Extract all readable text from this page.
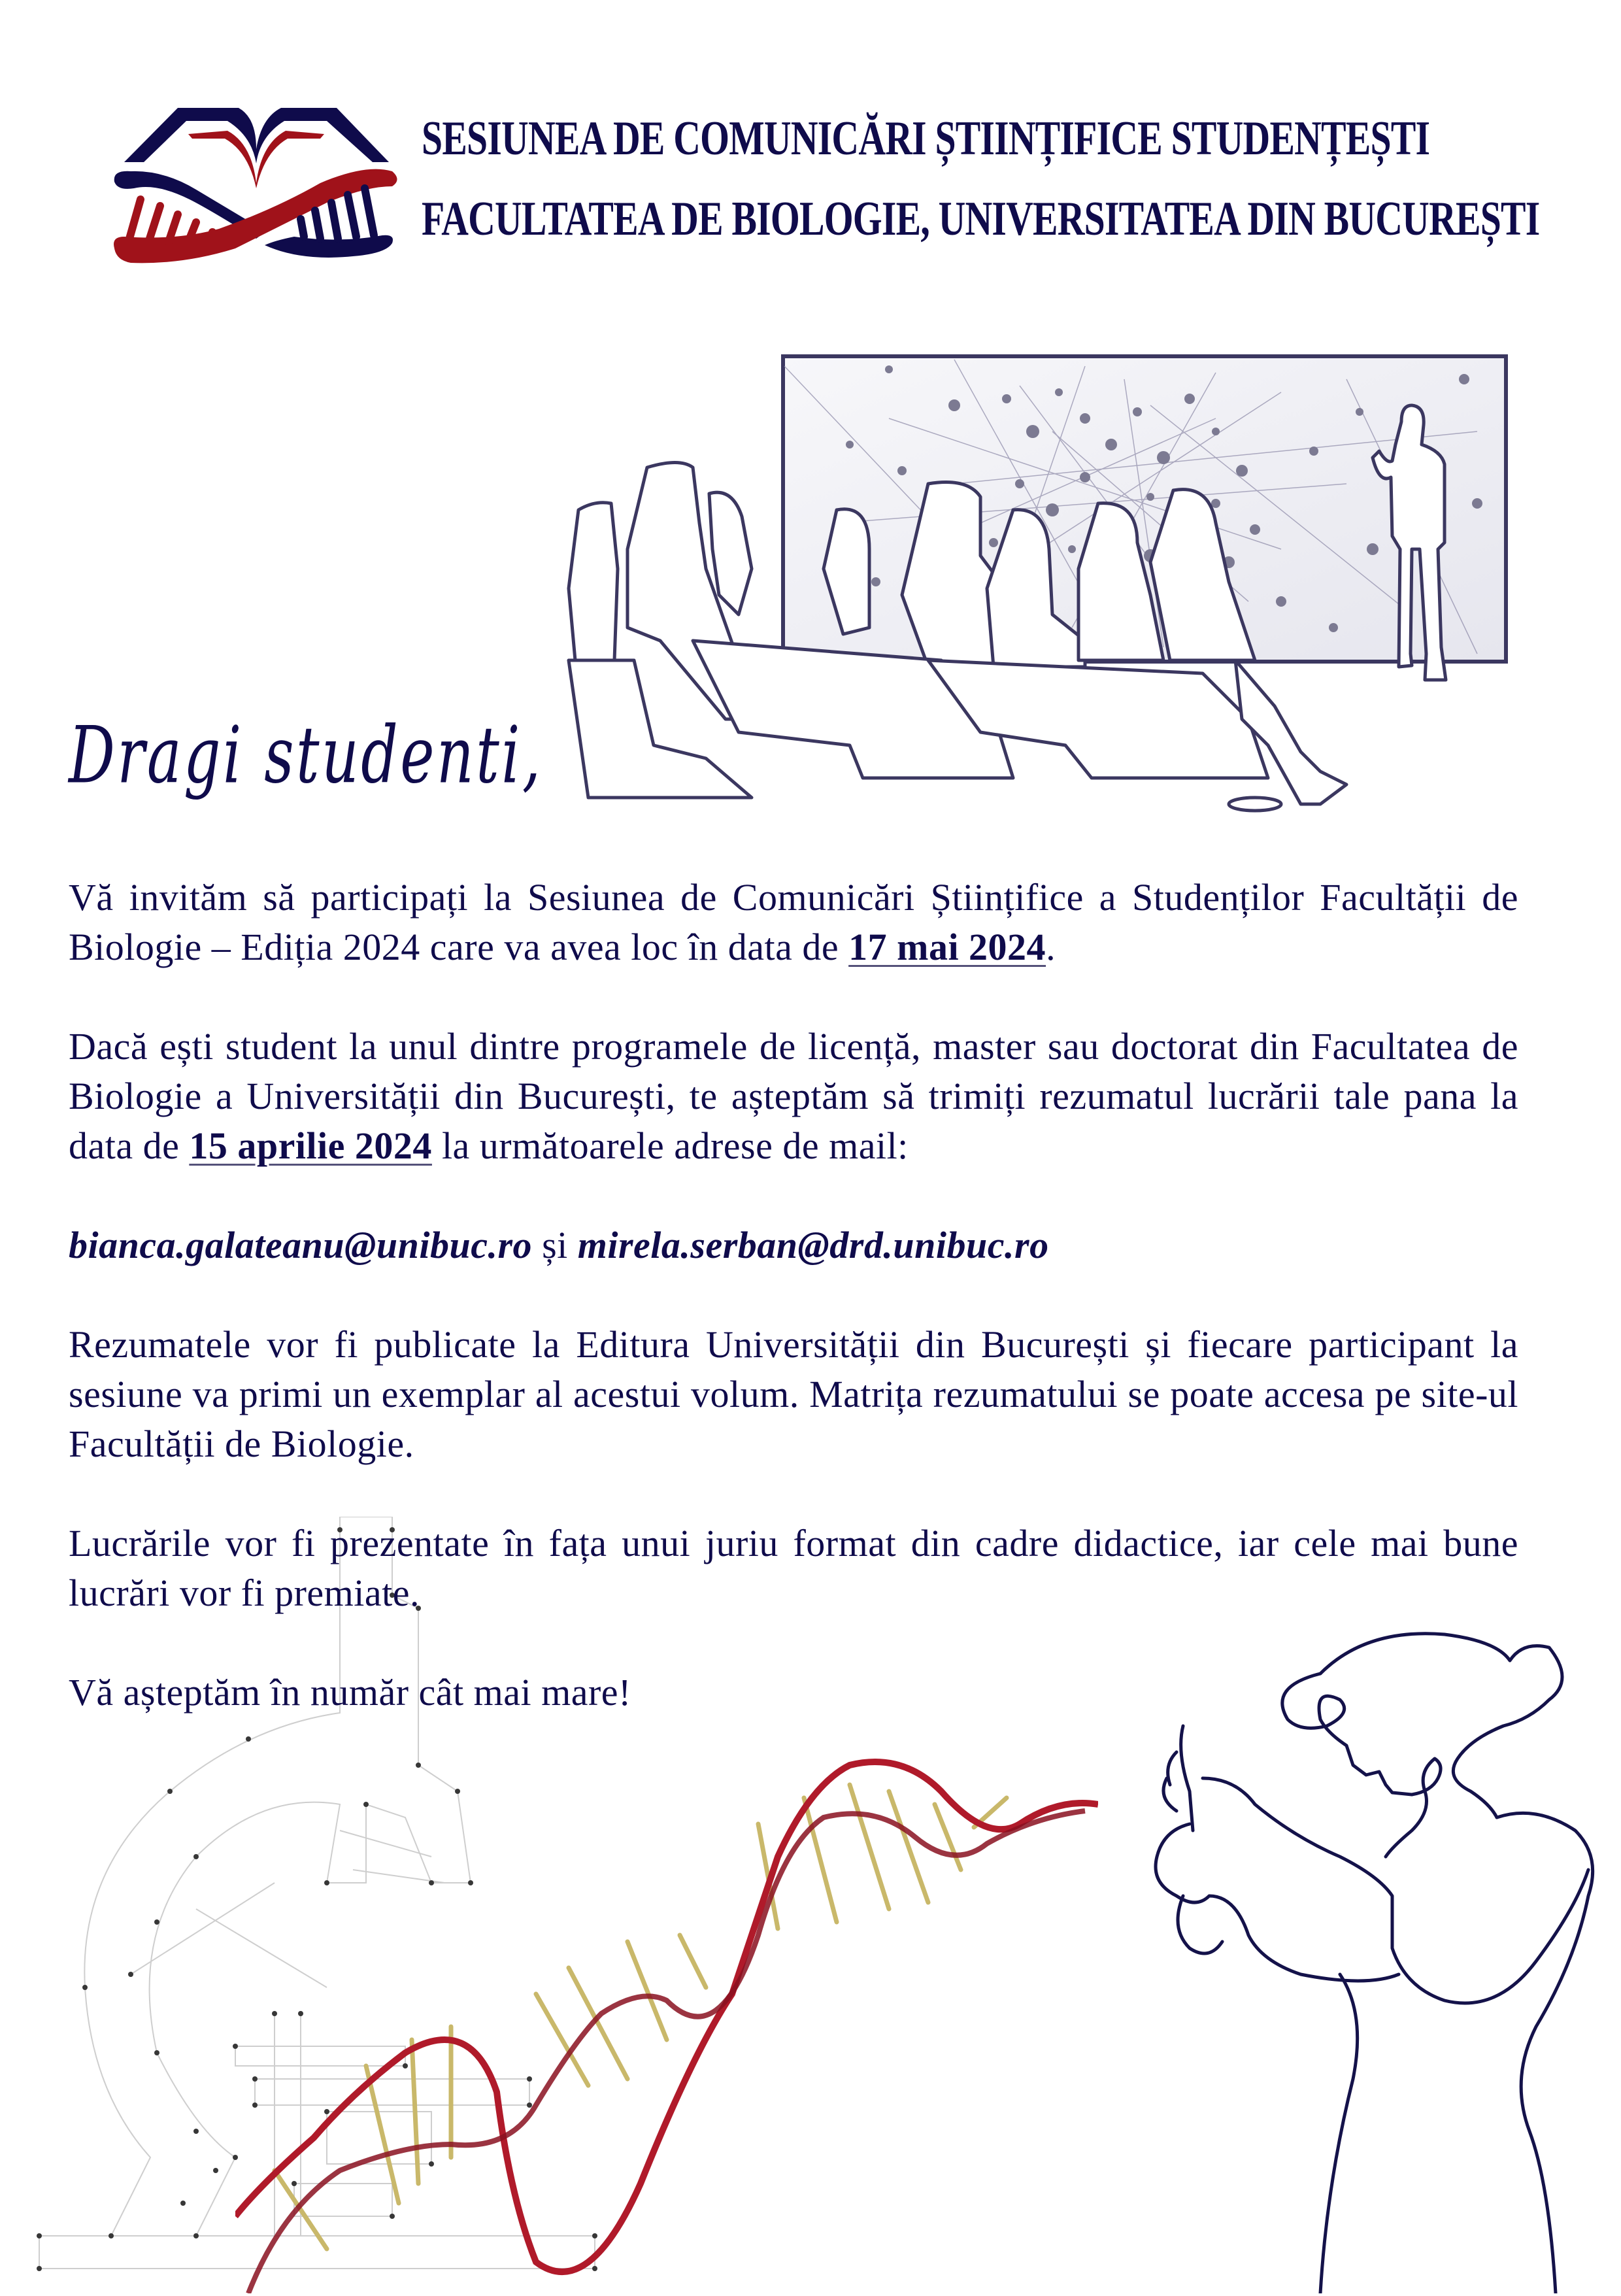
SESIUNEA DE COMUNICĂRI ȘTIINȚIFICE STUDENȚEȘTI
FACULTATEA DE BIOLOGIE, UNIVERSITATEA DIN BUCUREȘTI
Dragi studenti,

Vă invităm să participați la Sesiunea de Comunicări Științifice a Studenților Facultății de Biologie – Ediția 2024 care va avea loc în data de 17 mai 2024.

Dacă ești student la unul dintre programele de licență, master sau doctorat din Facultatea de Biologie a Universității din București, te așteptăm să trimiți rezumatul lucrării tale pana la data de 15 aprilie 2024 la următoarele adrese de mail:

bianca.galateanu@unibuc.ro și mirela.serban@drd.unibuc.ro

Rezumatele vor fi publicate la Editura Universității din București și fiecare participant la sesiune va primi un exemplar al acestui volum. Matrița rezumatului se poate accesa pe site-ul Facultății de Biologie.

Lucrările vor fi prezentate în fața unui juriu format din cadre didactice, iar cele mai bune lucrări vor fi premiate.

Vă așteptăm în număr cât mai mare!
